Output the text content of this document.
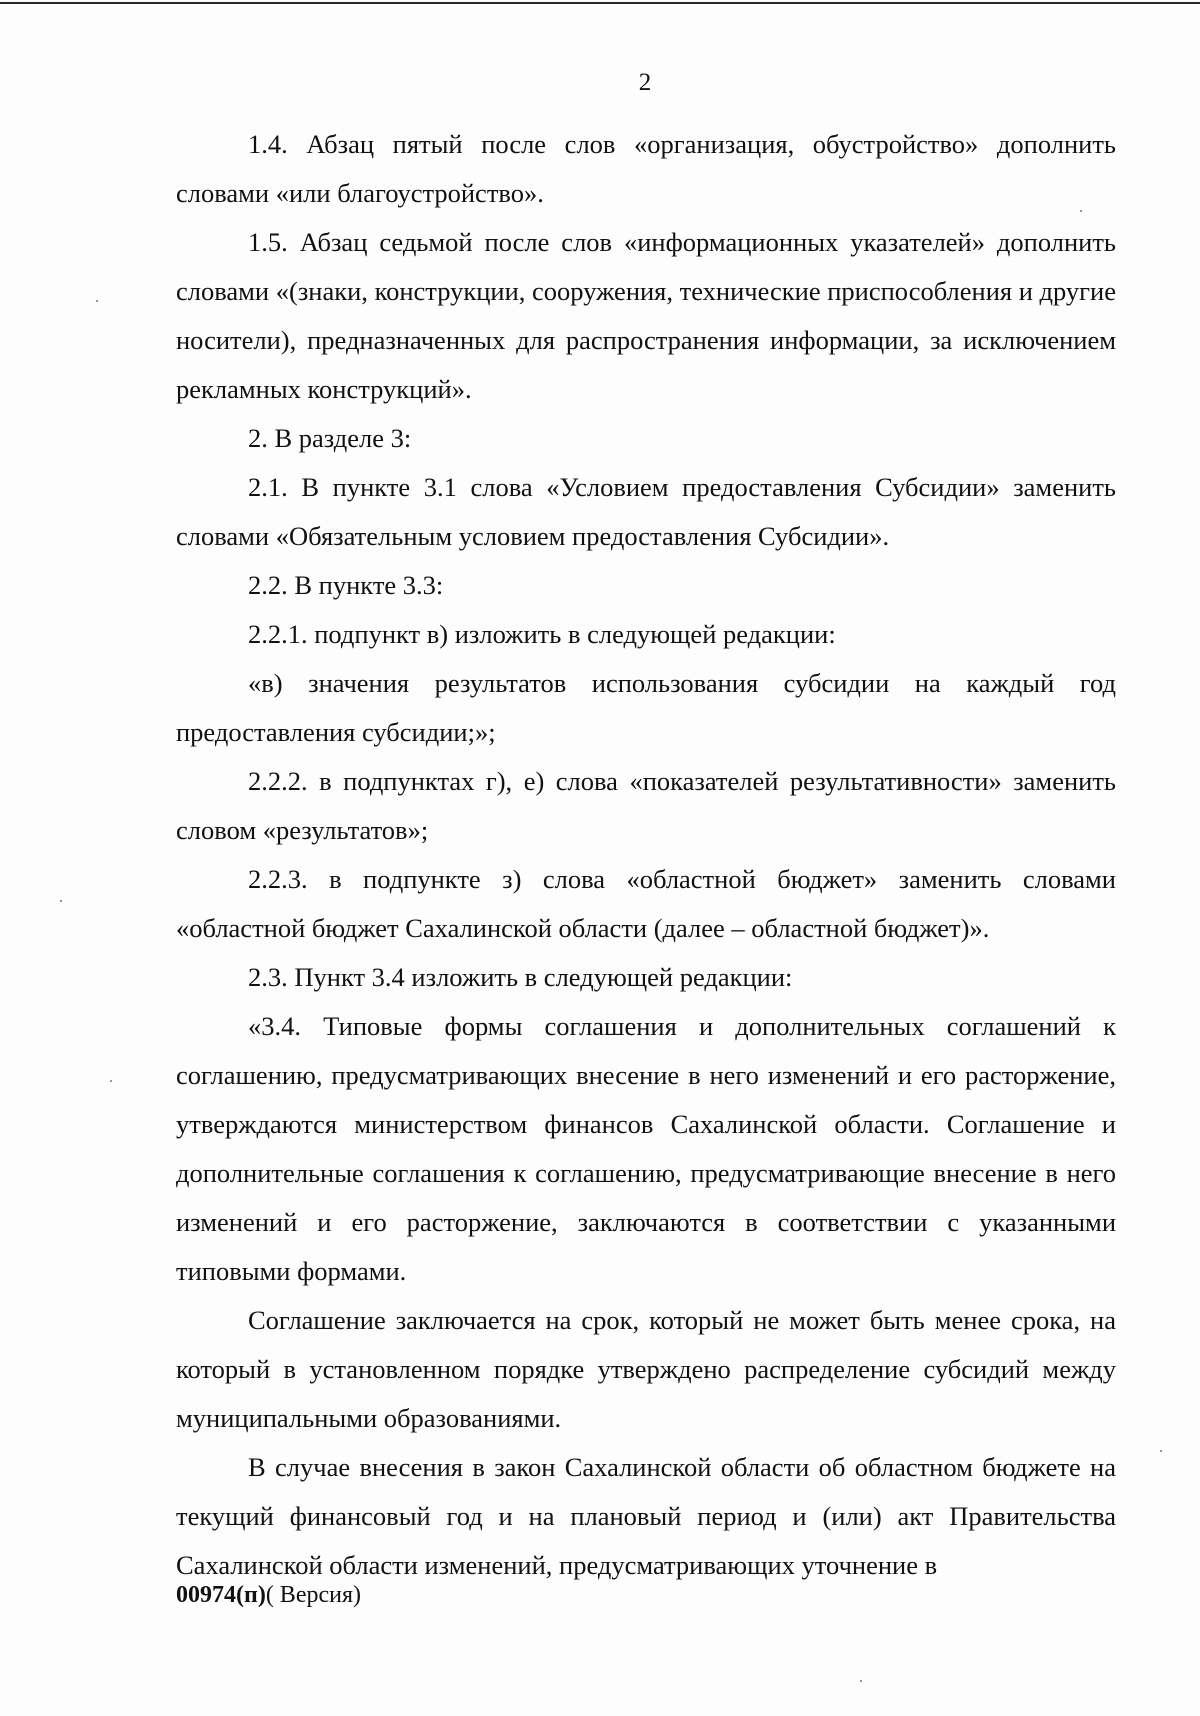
2

1.4. Абзац пятый после слов «организация, обустройство» дополнить словами «или благоустройство».

1.5. Абзац седьмой после слов «информационных указателей» дополнить словами «(знаки, конструкции, сооружения, технические приспособления и другие носители), предназначенных для распространения информации, за исключением рекламных конструкций».

2. В разделе 3:

2.1. В пункте 3.1 слова «Условием предоставления Субсидии» заменить словами «Обязательным условием предоставления Субсидии».

2.2. В пункте 3.3:

2.2.1. подпункт в) изложить в следующей редакции:

«в) значения результатов использования субсидии на каждый год предоставления субсидии;»;

2.2.2. в подпунктах г), е) слова «показателей результативности» заменить словом «результатов»;

2.2.3. в подпункте з) слова «областной бюджет» заменить словами «областной бюджет Сахалинской области (далее – областной бюджет)».

2.3. Пункт 3.4 изложить в следующей редакции:

«3.4. Типовые формы соглашения и дополнительных соглашений к соглашению, предусматривающих внесение в него изменений и его расторжение, утверждаются министерством финансов Сахалинской области. Соглашение и дополнительные соглашения к соглашению, предусматривающие внесение в него изменений и его расторжение, заключаются в соответствии с указанными типовыми формами.

Соглашение заключается на срок, который не может быть менее срока, на который в установленном порядке утверждено распределение субсидий между муниципальными образованиями.

В случае внесения в закон Сахалинской области об областном бюджете на текущий финансовый год и на плановый период и (или) акт Правительства Сахалинской области изменений, предусматривающих уточнение в

00974(п)( Версия)
